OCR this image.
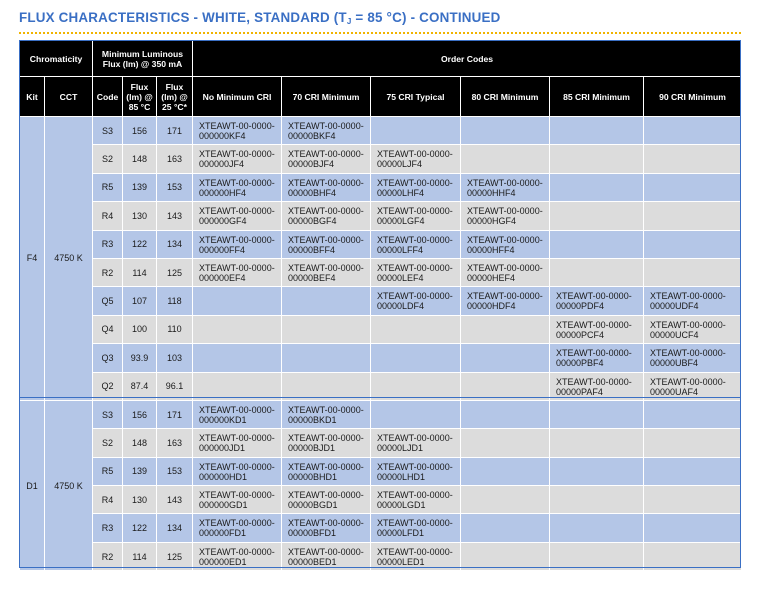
FLUX CHARACTERISTICS - WHITE, STANDARD ($T_J = 85$ °C) - CONTINUED
Chromaticity		Minimum Luminous Flux (lm) @ 350 mA			Order Codes					
Kit	CCT	Code	Flux (lm) @ 85 °C	Flux (lm) @ 25 °C*	No Minimum CRI	70 CRI Minimum	75 CRI Typical	80 CRI Minimum	85 CRI Minimum	90 CRI Minimum
F4	4750 K	S3	156	171	XTEAWT-00-0000-000000KF4	XTEAWT-00-0000-00000BKF4				
		S2	148	163	XTEAWT-00-0000-000000JF4	XTEAWT-00-0000-00000BJF4	XTEAWT-00-0000-00000LJF4			
		R5	139	153	XTEAWT-00-0000-000000HF4	XTEAWT-00-0000-00000BHF4	XTEAWT-00-0000-00000LHF4	XTEAWT-00-0000-00000HHF4		
		R4	130	143	XTEAWT-00-0000-000000GF4	XTEAWT-00-0000-00000BGF4	XTEAWT-00-0000-00000LGF4	XTEAWT-00-0000-00000HGF4		
		R3	122	134	XTEAWT-00-0000-000000FF4	XTEAWT-00-0000-00000BFF4	XTEAWT-00-0000-00000LFF4	XTEAWT-00-0000-00000HFF4		
		R2	114	125	XTEAWT-00-0000-000000EF4	XTEAWT-00-0000-00000BEF4	XTEAWT-00-0000-00000LEF4	XTEAWT-00-0000-00000HEF4		
		Q5	107	118			XTEAWT-00-0000-00000LDF4	XTEAWT-00-0000-00000HDF4	XTEAWT-00-0000-00000PDF4	XTEAWT-00-0000-00000UDF4
		Q4	100	110					XTEAWT-00-0000-00000PCF4	XTEAWT-00-0000-00000UCF4
		Q3	93.9	103					XTEAWT-00-0000-00000PBF4	XTEAWT-00-0000-00000UBF4
		Q2	87.4	96.1					XTEAWT-00-0000-00000PAF4	XTEAWT-00-0000-00000UAF4
D1	4750 K	S3	156	171	XTEAWT-00-0000-000000KD1	XTEAWT-00-0000-00000BKD1				
		S2	148	163	XTEAWT-00-0000-000000JD1	XTEAWT-00-0000-00000BJD1	XTEAWT-00-0000-00000LJD1			
		R5	139	153	XTEAWT-00-0000-000000HD1	XTEAWT-00-0000-00000BHD1	XTEAWT-00-0000-00000LHD1			
		R4	130	143	XTEAWT-00-0000-000000GD1	XTEAWT-00-0000-00000BGD1	XTEAWT-00-0000-00000LGD1			
		R3	122	134	XTEAWT-00-0000-000000FD1	XTEAWT-00-0000-00000BFD1	XTEAWT-00-0000-00000LFD1			
		R2	114	125	XTEAWT-00-0000-000000ED1	XTEAWT-00-0000-00000BED1	XTEAWT-00-0000-00000LED1			
